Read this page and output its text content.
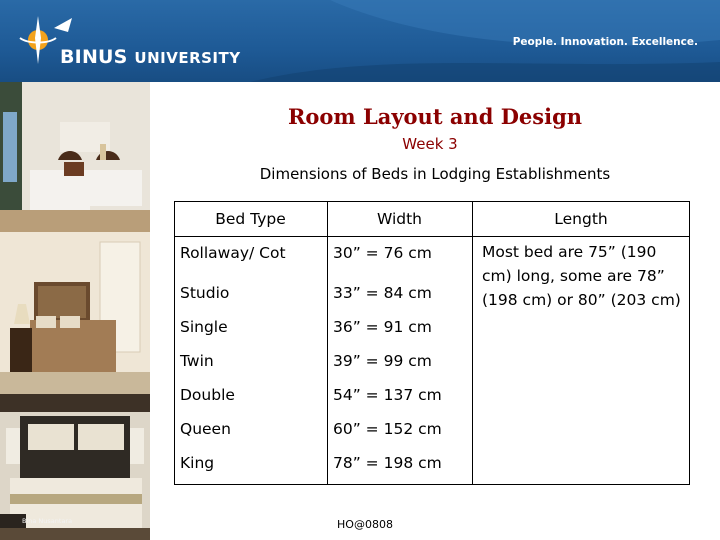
BINUS UNIVERSITY
People. Innovation. Excellence.
Bina Nusantara
Room Layout and Design
Week 3
Dimensions of Beds in Lodging Establishments
Bed Type	Width	Length
Rollaway/ Cot	30” = 76 cm
Studio	33” = 84 cm
Single	36” = 91 cm
Twin	39” = 99 cm
Double	54” = 137 cm
Queen	60” = 152 cm
King	78” = 198 cm
Most bed are 75” (190 cm) long, some are 78” (198 cm) or 80” (203 cm)
HO@0808
